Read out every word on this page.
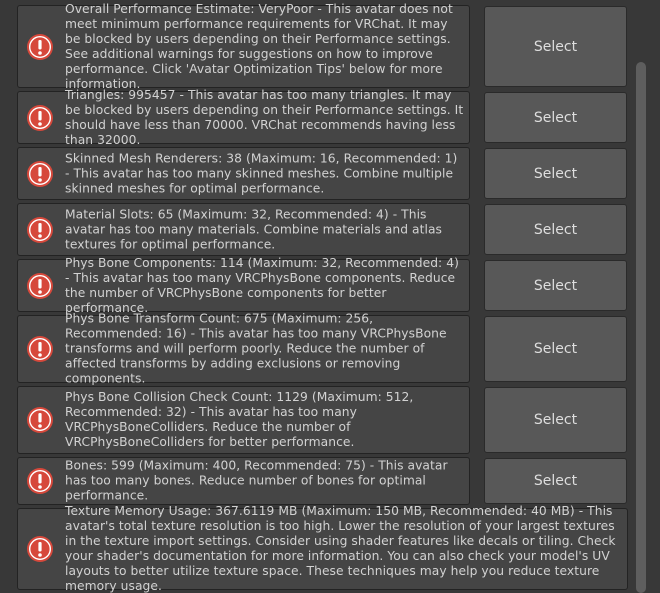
Overall Performance Estimate: VeryPoor - This avatar does not meet minimum performance requirements for VRChat. It may be blocked by users depending on their Performance settings. See additional warnings for suggestions on how to improve performance. Click 'Avatar Optimization Tips' below for more information.
Select
Triangles: 995457 - This avatar has too many triangles. It may be blocked by users depending on their Performance settings. It should have less than 70000. VRChat recommends having less than 32000.
Select
Skinned Mesh Renderers: 38 (Maximum: 16, Recommended: 1) - This avatar has too many skinned meshes. Combine multiple skinned meshes for optimal performance.
Select
Material Slots: 65 (Maximum: 32, Recommended: 4) - This avatar has too many materials. Combine materials and atlas textures for optimal performance.
Select
Phys Bone Components: 114 (Maximum: 32, Recommended: 4) - This avatar has too many VRCPhysBone components. Reduce the number of VRCPhysBone components for better performance.
Select
Phys Bone Transform Count: 675 (Maximum: 256, Recommended: 16) - This avatar has too many VRCPhysBone transforms and will perform poorly. Reduce the number of affected transforms by adding exclusions or removing components.
Select
Phys Bone Collision Check Count: 1129 (Maximum: 512, Recommended: 32) - This avatar has too many VRCPhysBoneColliders. Reduce the number of VRCPhysBoneColliders for better performance.
Select
Bones: 599 (Maximum: 400, Recommended: 75) - This avatar has too many bones. Reduce number of bones for optimal performance.
Select
Texture Memory Usage: 367.6119 MB (Maximum: 150 MB, Recommended: 40 MB) - This avatar's total texture resolution is too high. Lower the resolution of your largest textures in the texture import settings. Consider using shader features like decals or tiling. Check your shader's documentation for more information. You can also check your model's UV layouts to better utilize texture space. These techniques may help you reduce texture memory usage.
